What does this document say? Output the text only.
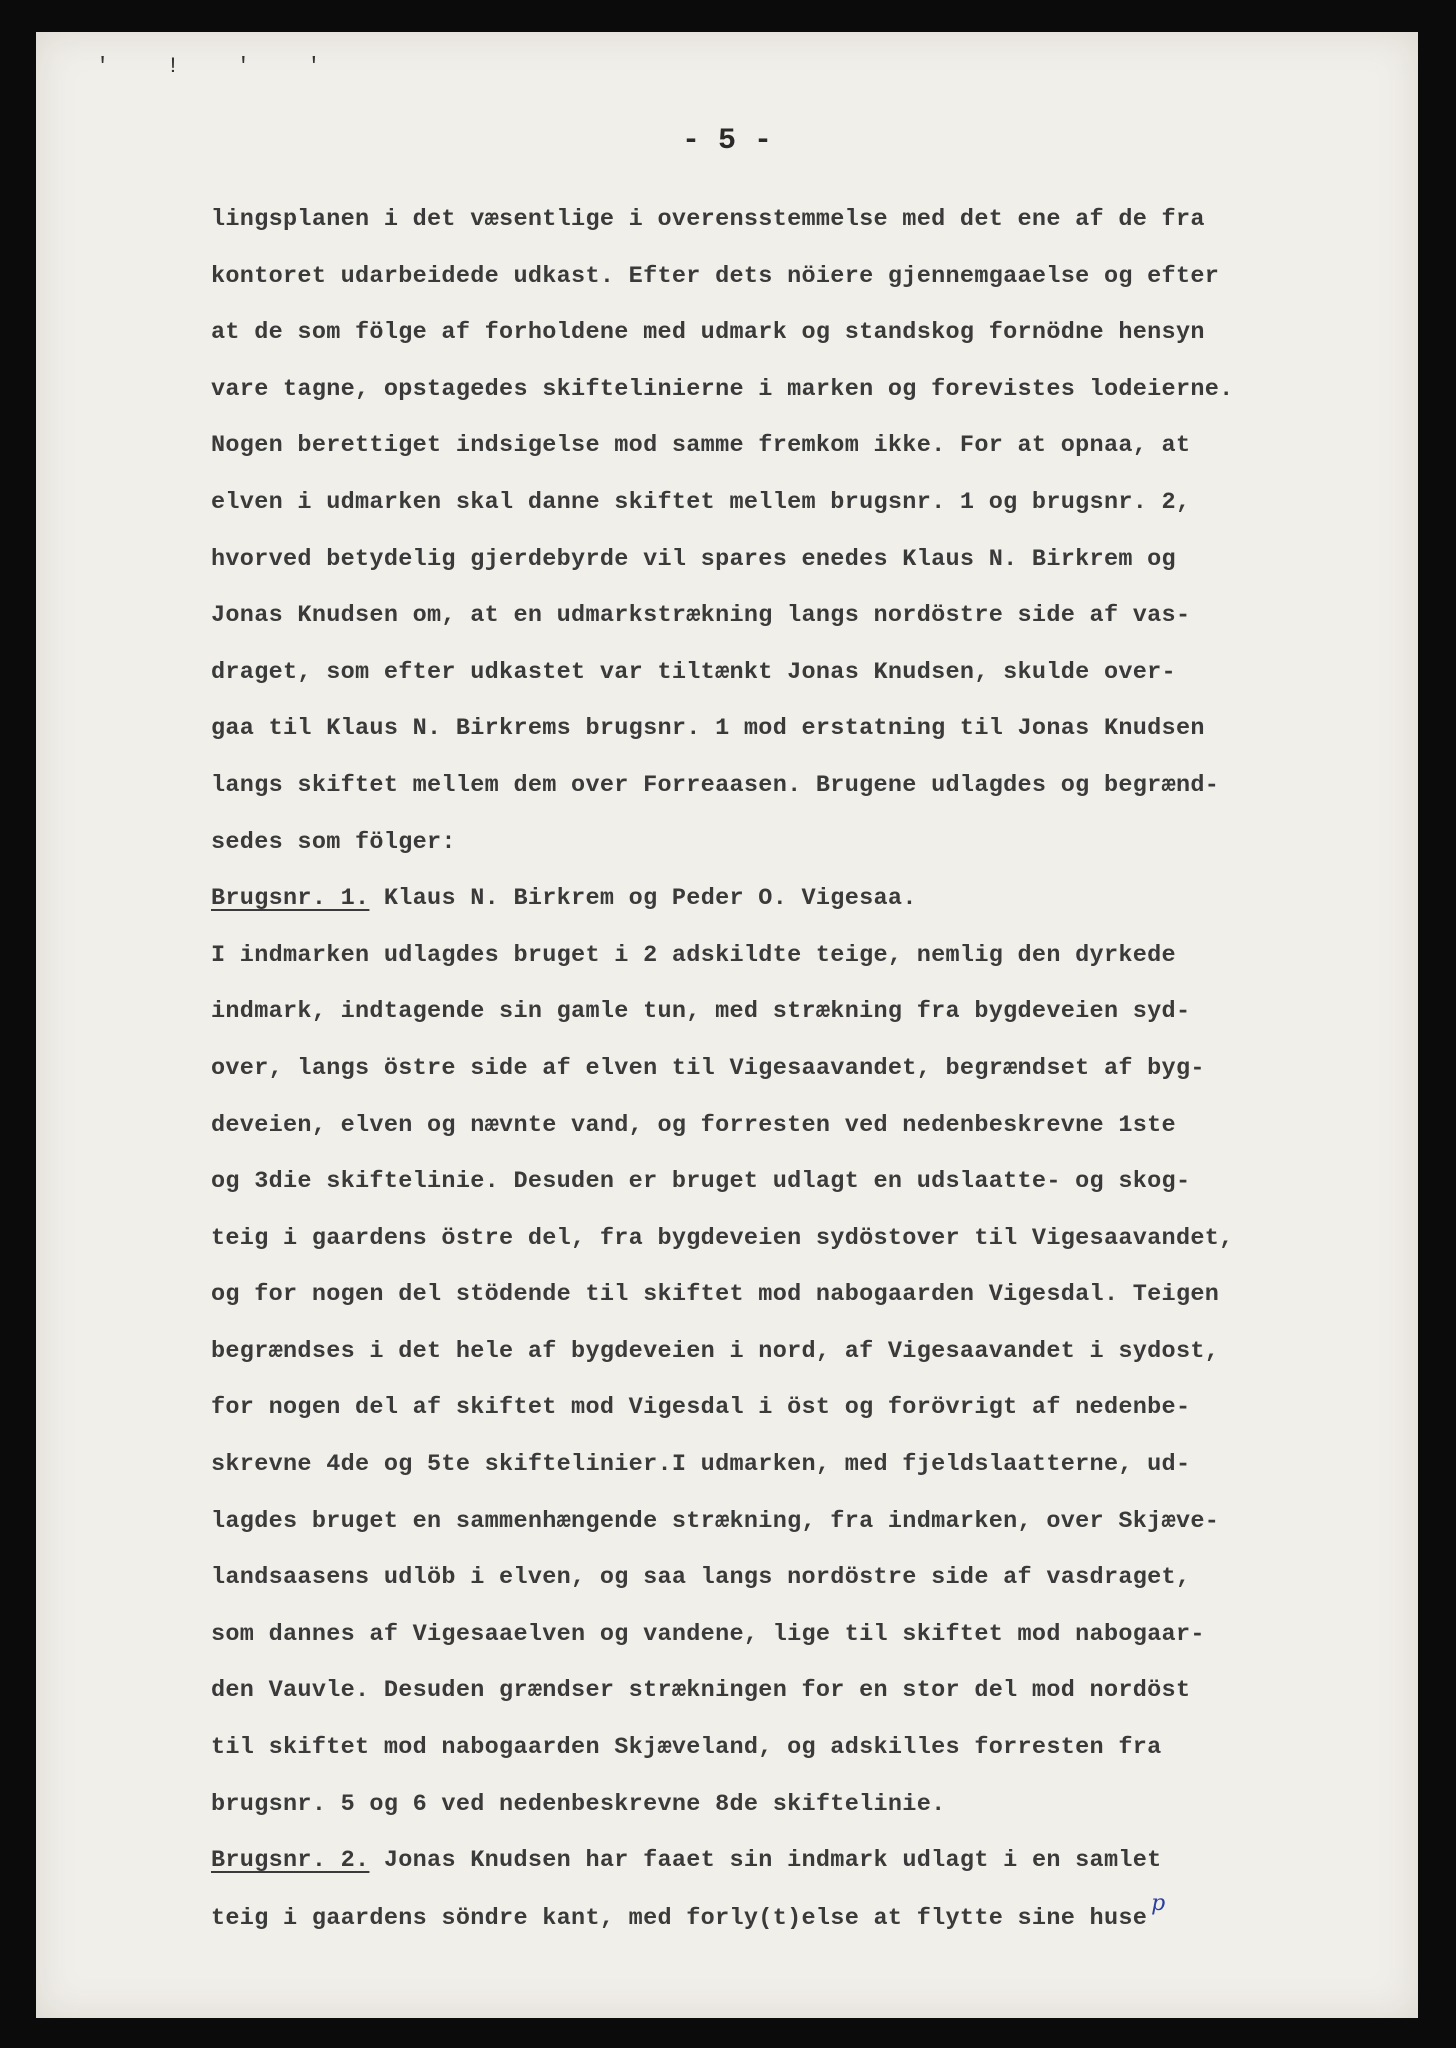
' ! ' '
- 5 -
lingsplanen i det væsentlige i overensstemmelse med det ene af de fra
kontoret udarbeidede udkast. Efter dets nöiere gjennemgaaelse og efter
at de som fölge af forholdene med udmark og standskog fornödne hensyn
vare tagne, opstagedes skiftelinierne i marken og forevistes lodeierne.
Nogen berettiget indsigelse mod samme fremkom ikke. For at opnaa, at
elven i udmarken skal danne skiftet mellem brugsnr. 1 og brugsnr. 2,
hvorved betydelig gjerdebyrde vil spares enedes Klaus N. Birkrem og
Jonas Knudsen om, at en udmarkstrækning langs nordöstre side af vas-
draget, som efter udkastet var tiltænkt Jonas Knudsen, skulde over-
gaa til Klaus N. Birkrems brugsnr. 1 mod erstatning til Jonas Knudsen
langs skiftet mellem dem over Forreaasen. Brugene udlagdes og begrænd-
sedes som fölger:
Brugsnr. 1. Klaus N. Birkrem og Peder O. Vigesaa.
I indmarken udlagdes bruget i 2 adskildte teige, nemlig den dyrkede
indmark, indtagende sin gamle tun, med strækning fra bygdeveien syd-
over, langs östre side af elven til Vigesaavandet, begrændset af byg-
deveien, elven og nævnte vand, og forresten ved nedenbeskrevne 1ste
og 3die skiftelinie. Desuden er bruget udlagt en udslaatte- og skog-
teig i gaardens östre del, fra bygdeveien sydöstover til Vigesaavandet,
og for nogen del stödende til skiftet mod nabogaarden Vigesdal. Teigen
begrændses i det hele af bygdeveien i nord, af Vigesaavandet i sydost,
for nogen del af skiftet mod Vigesdal i öst og forövrigt af nedenbe-
skrevne 4de og 5te skiftelinier.I udmarken, med fjeldslaatterne, ud-
lagdes bruget en sammenhængende strækning, fra indmarken, over Skjæve-
landsaasens udlöb i elven, og saa langs nordöstre side af vasdraget,
som dannes af Vigesaaelven og vandene, lige til skiftet mod nabogaar-
den Vauvle. Desuden grændser strækningen for en stor del mod nordöst
til skiftet mod nabogaarden Skjæveland, og adskilles forresten fra
brugsnr. 5 og 6 ved nedenbeskrevne 8de skiftelinie.
Brugsnr. 2. Jonas Knudsen har faaet sin indmark udlagt i en samlet
teig i gaardens söndre kant, med forly(t)else at flytte sine husep
